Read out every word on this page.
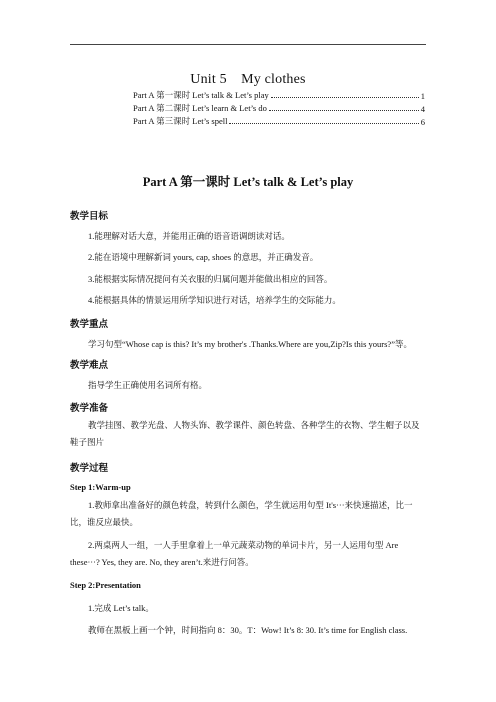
Unit 5　My clothes
Part A 第一课时 Let’s talk & Let’s play	1
Part A 第二课时 Let’s learn & Let’s do	4
Part A 第三课时 Let’s spell	6
Part A 第一课时 Let’s talk & Let’s play
教学目标
1.能理解对话大意，并能用正确的语音语调朗读对话。
2.能在语境中理解新词 yours, cap, shoes 的意思，并正确发音。
3.能根据实际情况提问有关衣服的归属问题并能做出相应的回答。
4.能根据具体的情景运用所学知识进行对话，培养学生的交际能力。
教学重点
学习句型“Whose cap is this? It’s my brother's .Thanks.Where are you,Zip?Is this yours?”等。
教学难点
指导学生正确使用名词所有格。
教学准备
教学挂图、教学光盘、人物头饰、教学课件、颜色转盘、各种学生的衣物、学生帽子以及鞋子图片
教学过程
Step 1:Warm-up
1.教师拿出准备好的颜色转盘，转到什么颜色，学生就运用句型 It's···来快速描述，比一比，谁反应最快。
2.两桌两人一组，一人手里拿着上一单元蔬菜动物的单词卡片，另一人运用句型 Are these···? Yes, they are. No, they aren’t.来进行问答。
Step 2:Presentation
1.完成 Let’s talk。
教师在黑板上画一个钟，时间指向 8：30。T：Wow! It’s 8: 30. It’s time for English class.
